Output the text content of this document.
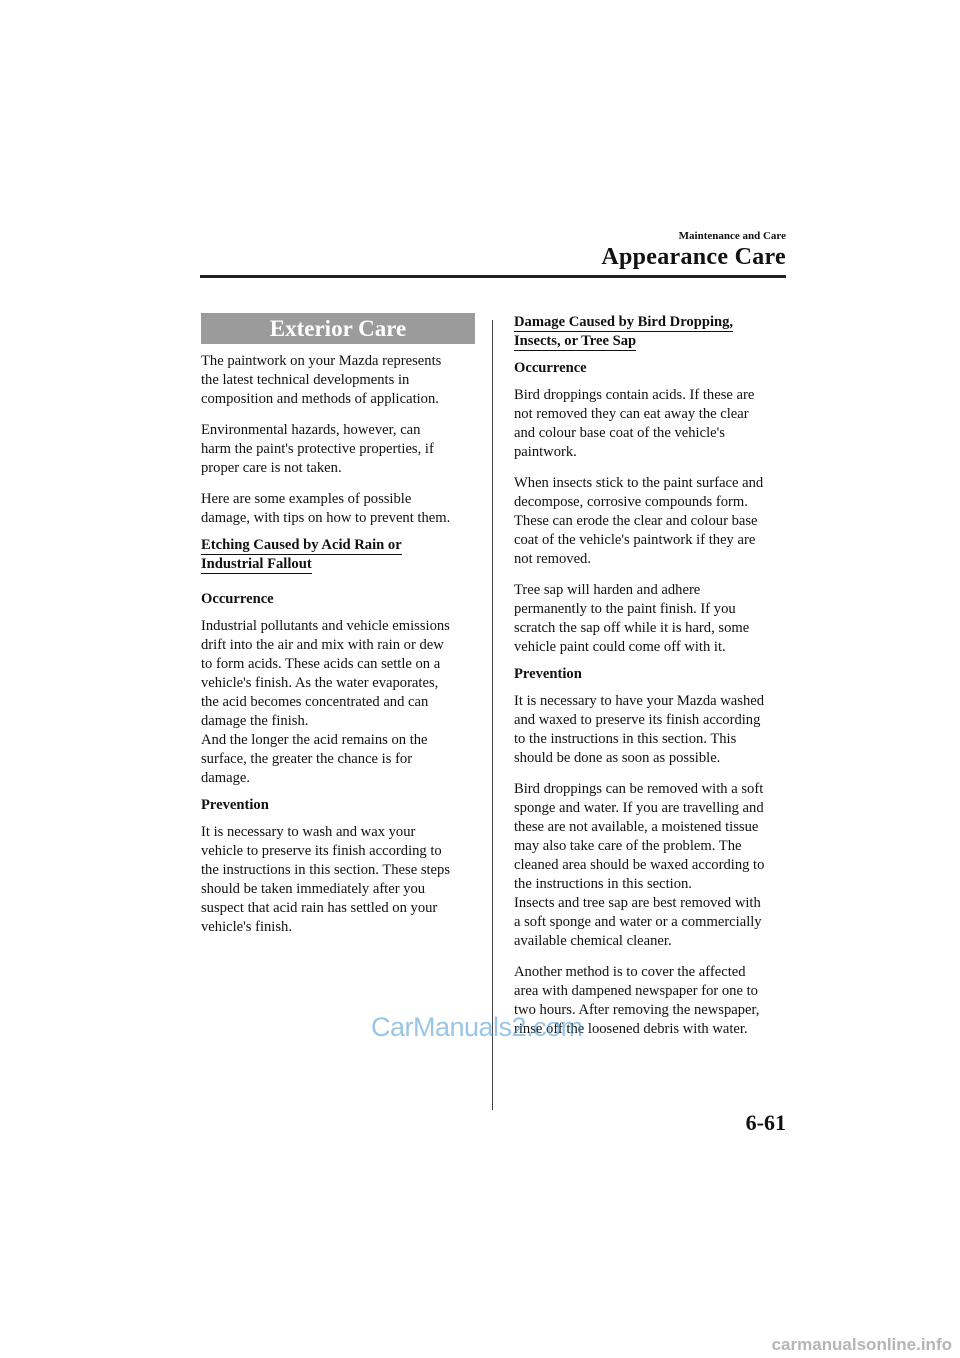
Maintenance and Care
Appearance Care
Exterior Care

The paintwork on your Mazda represents
the latest technical developments in
composition and methods of application.

Environmental hazards, however, can
harm the paint's protective properties, if
proper care is not taken.

Here are some examples of possible
damage, with tips on how to prevent them.

Etching Caused by Acid Rain or
Industrial Fallout
Occurrence

Industrial pollutants and vehicle emissions
drift into the air and mix with rain or dew
to form acids. These acids can settle on a
vehicle's finish. As the water evaporates,
the acid becomes concentrated and can
damage the finish.
And the longer the acid remains on the
surface, the greater the chance is for
damage.

Prevention

It is necessary to wash and wax your
vehicle to preserve its finish according to
the instructions in this section. These steps
should be taken immediately after you
suspect that acid rain has settled on your
vehicle's finish.

Damage Caused by Bird Dropping,
Insects, or Tree Sap
Occurrence

Bird droppings contain acids. If these are
not removed they can eat away the clear
and colour base coat of the vehicle's
paintwork.

When insects stick to the paint surface and
decompose, corrosive compounds form.
These can erode the clear and colour base
coat of the vehicle's paintwork if they are
not removed.

Tree sap will harden and adhere
permanently to the paint finish. If you
scratch the sap off while it is hard, some
vehicle paint could come off with it.

Prevention

It is necessary to have your Mazda washed
and waxed to preserve its finish according
to the instructions in this section. This
should be done as soon as possible.

Bird droppings can be removed with a soft
sponge and water. If you are travelling and
these are not available, a moistened tissue
may also take care of the problem. The
cleaned area should be waxed according to
the instructions in this section.
Insects and tree sap are best removed with
a soft sponge and water or a commercially
available chemical cleaner.

Another method is to cover the affected
area with dampened newspaper for one to
two hours. After removing the newspaper,
rinse off the loosened debris with water.

CarManuals2.com
6-61
carmanualsonline.info
